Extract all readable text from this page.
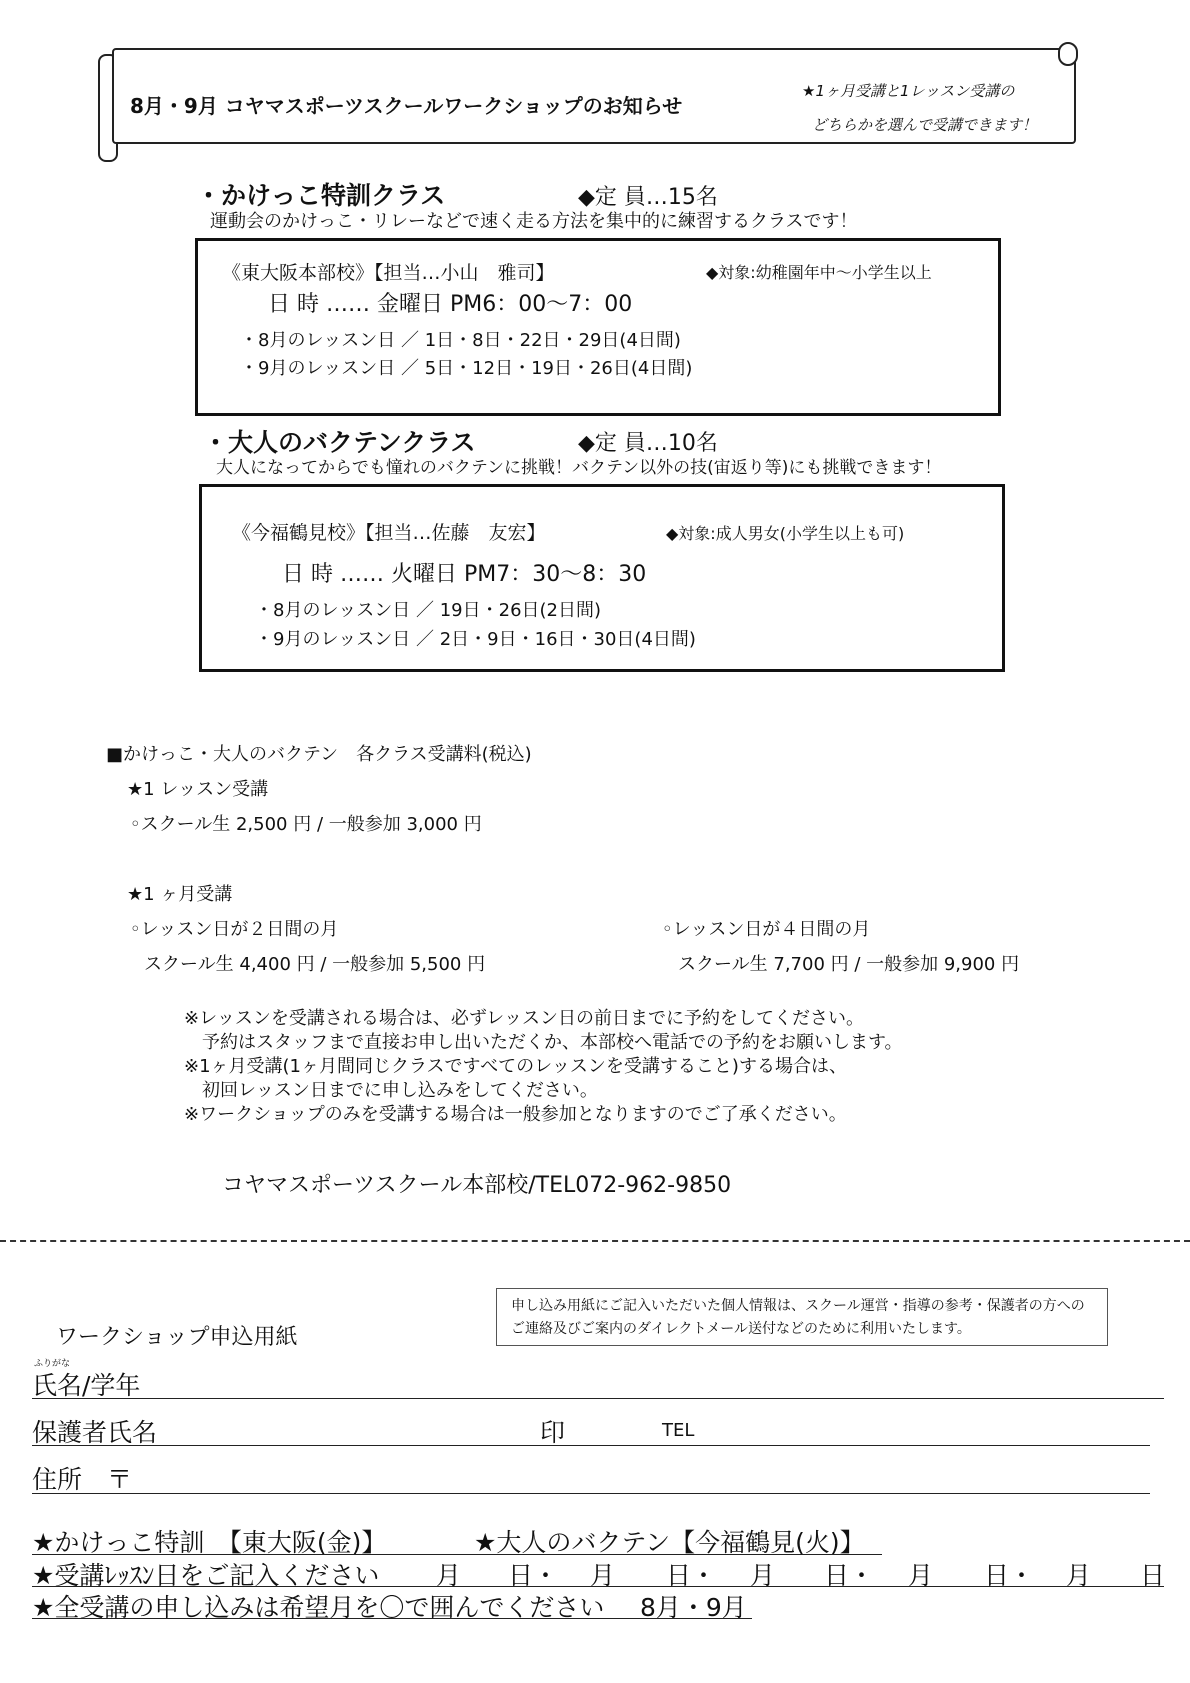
8月・9月 コヤマスポーツスクールワークショップのお知らせ
★1ヶ月受講と1レッスン受講の
どちらかを選んで受講できます！
・かけっこ特訓クラス	◆定 員…15名
運動会のかけっこ・リレーなどで速く走る方法を集中的に練習するクラスです！
《東大阪本部校》【担当…小山　雅司】	◆対象:幼稚園年中～小学生以上
日 時 …… 金曜日 PM6：00～7：00
・8月のレッスン日 ／ 1日・8日・22日・29日(4日間)
・9月のレッスン日 ／ 5日・12日・19日・26日(4日間)
・大人のバクテンクラス	◆定 員…10名
大人になってからでも憧れのバクテンに挑戦！バクテン以外の技(宙返り等)にも挑戦できます！
《今福鶴見校》【担当…佐藤　友宏】	◆対象:成人男女(小学生以上も可)
日 時 …… 火曜日 PM7：30～8：30
・8月のレッスン日 ／ 19日・26日(2日間)
・9月のレッスン日 ／ 2日・9日・16日・30日(4日間)
■かけっこ・大人のバクテン　各クラス受講料(税込)
★1 レッスン受講
◦スクール生 2,500 円 / 一般参加 3,000 円
★1 ヶ月受講
◦レッスン日が２日間の月
スクール生 4,400 円 / 一般参加 5,500 円
◦レッスン日が４日間の月
スクール生 7,700 円 / 一般参加 9,900 円
※レッスンを受講される場合は、必ずレッスン日の前日までに予約をしてください。
　予約はスタッフまで直接お申し出いただくか、本部校へ電話での予約をお願いします。
※1ヶ月受講(1ヶ月間同じクラスですべてのレッスンを受講すること)する場合は、
　初回レッスン日までに申し込みをしてください。
※ワークショップのみを受講する場合は一般参加となりますのでご了承ください。
コヤマスポーツスクール本部校/TEL072-962-9850
申し込み用紙にご記入いただいた個人情報は、スクール運営・指導の参考・保護者の方へのご連絡及びご案内のダイレクトメール送付などのために利用いたします。
ワークショップ申込用紙
ふりがな
氏名/学年
保護者氏名	印	TEL
住所　〒
★かけっこ特訓　【東大阪(金)】	★大人のバクテン【今福鶴見(火)】
★受講ﾚｯｽﾝ日をご記入ください 月 日・ 月 日・ 月 日・ 月 日・ 月 日
★全受講の申し込みは希望月を〇で囲んでください 8月・9月
